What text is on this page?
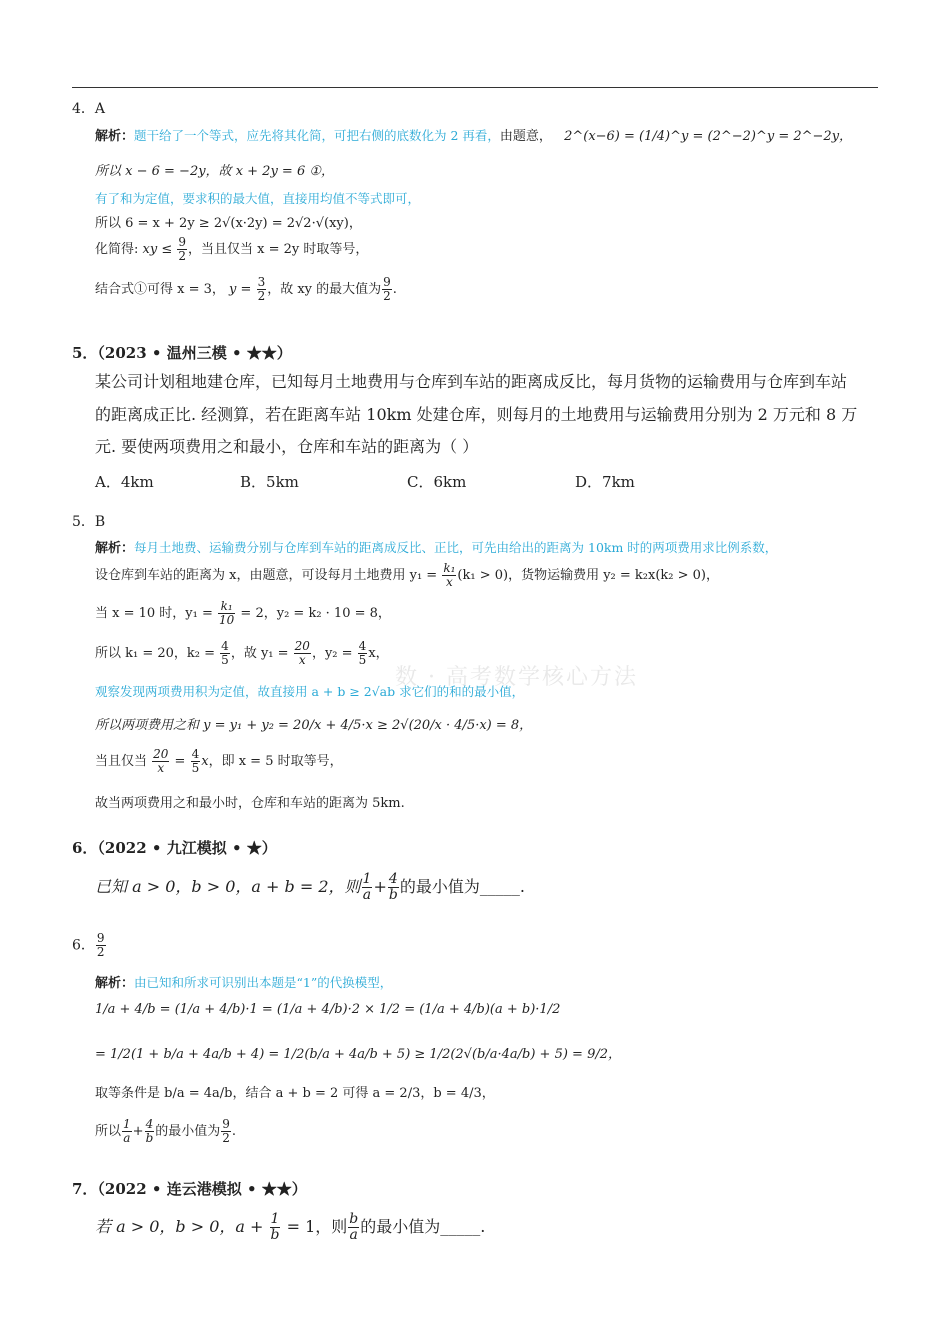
数 · 高考数学核心方法
4．A
解析：题干给了一个等式，应先将其化简，可把右侧的底数化为 2 再看，由题意， 2^(x−6) = (1/4)^y = (2^−2)^y = 2^−2y，
所以 x − 6 = −2y，故 x + 2y = 6 ①，
有了和为定值，要求积的最大值，直接用均值不等式即可，
所以 6 = x + 2y ≥ 2√(x·2y) = 2√2·√(xy)，
化简得: xy ≤ $\frac{9}{2}$ ，当且仅当 x = 2y 时取等号，
结合式①可得 x = 3， $y = \frac{3}{2}$ ，故 xy 的最大值为 $\frac{9}{2}$ .
5．（2023 • 温州三模 • ★★）
某公司计划租地建仓库，已知每月土地费用与仓库到车站的距离成反比，每月货物的运输费用与仓库到车站
的距离成正比. 经测算，若在距离车站 10km 处建仓库，则每月的土地费用与运输费用分别为 2 万元和 8 万
元. 要使两项费用之和最小，仓库和车站的距离为（ ）
A．4km	B．5km	C．6km	D．7km
5．B
解析：每月土地费、运输费分别与仓库到车站的距离成反比、正比，可先由给出的距离为 10km 时的两项费用求比例系数，
设仓库到车站的距离为 x，由题意，可设每月土地费用 $y_1 = \frac{\text{k₁}}{x} (k_1 > 0)$，货物运输费用 y₂ = k₂x(k₂ > 0)，
当 x = 10 时，$y_1 = \frac{\text{k₁}}{10} = 2$，y₂ = k₂ · 10 = 8，
所以 k₁ = 20，$k_2 = \frac{4}{5}$ ，故 $y_1 = \frac{20}{x}$ ，$y_2 = \frac{4}{5}$ x，
观察发现两项费用积为定值，故直接用 a + b ≥ 2√ab 求它们的和的最小值，
所以两项费用之和 y = y₁ + y₂ = 20/x + 4/5·x ≥ 2√(20/x · 4/5·x) = 8，
当且仅当 $\frac{20}{x} = \frac{4}{5}$ x，即 x = 5 时取等号，
故当两项费用之和最小时，仓库和车站的距离为 5km.
6．（2022 • 九江模拟 • ★）
已知 a > 0，b > 0，a + b = 2，则 $\frac{1}{a} + \frac{4}{b}$ 的最小值为_____.
6． $\frac{9}{2}$
解析：由已知和所求可识别出本题是“1”的代换模型，
1/a + 4/b = (1/a + 4/b)·1 = (1/a + 4/b)·2 × 1/2 = (1/a + 4/b)(a + b)·1/2
= 1/2(1 + b/a + 4a/b + 4) = 1/2(b/a + 4a/b + 5) ≥ 1/2(2√(b/a·4a/b) + 5) = 9/2，
取等条件是 b/a = 4a/b，结合 a + b = 2 可得 a = 2/3，b = 4/3，
所以 $\frac{1}{a} + \frac{4}{b}$ 的最小值为 $\frac{9}{2}$ .
7．（2022 • 连云港模拟 • ★★）
若 a > 0，b > 0，$a + \frac{1}{b} = 1$，则 $\frac{b}{a}$ 的最小值为_____.
